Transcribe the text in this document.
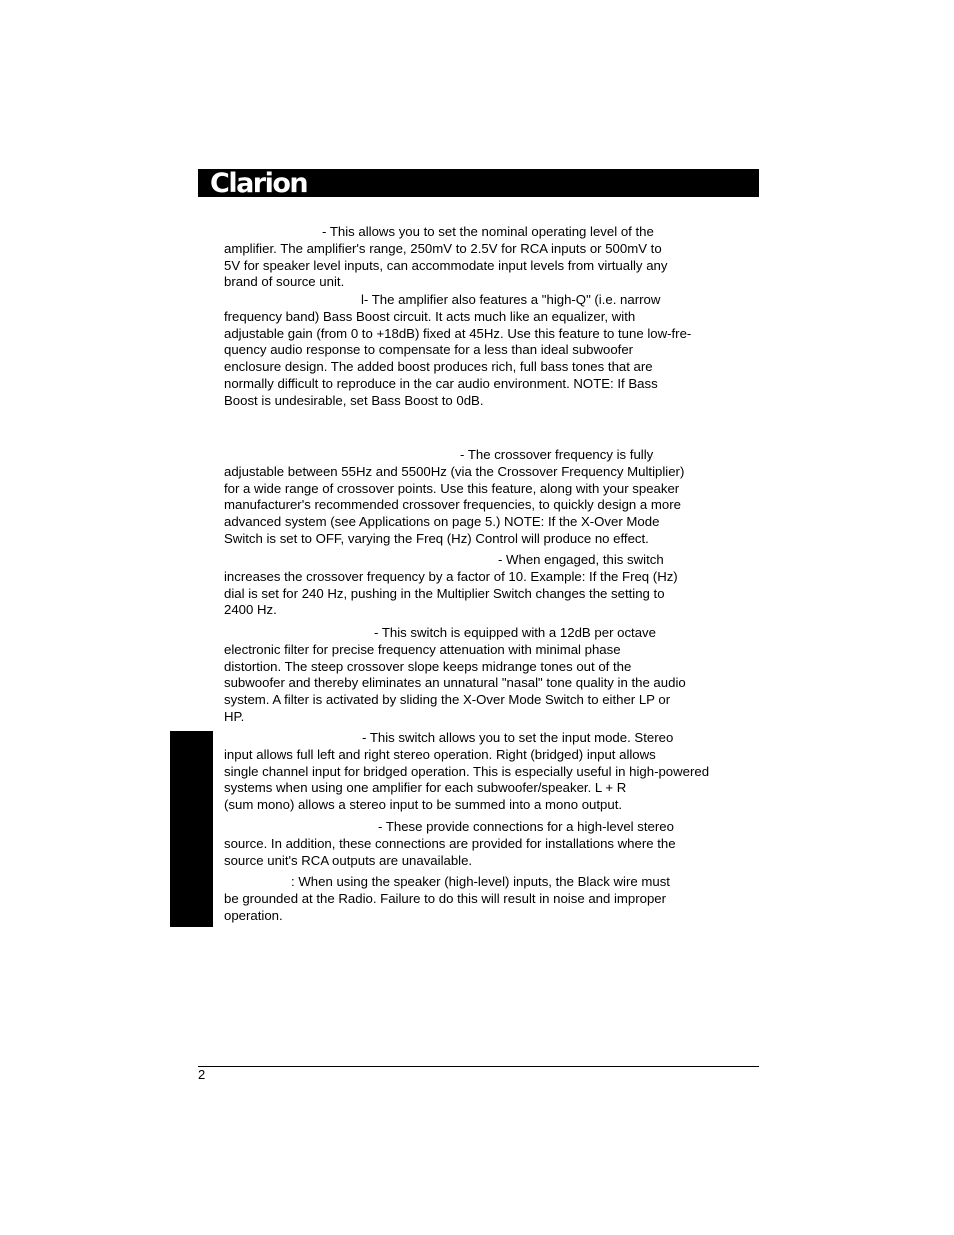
Clarion
- This allows you to set the nominal operating level of the
amplifier. The amplifier's range, 250mV to 2.5V for RCA inputs or 500mV to
5V for speaker level inputs, can accommodate input levels from virtually any
brand of source unit.
l- The amplifier also features a "high-Q" (i.e. narrow
frequency band) Bass Boost circuit. It acts much like an equalizer, with
adjustable gain (from 0 to +18dB) fixed at 45Hz. Use this feature to tune low-fre-
quency audio response to compensate for a less than ideal subwoofer
enclosure design. The added boost produces rich, full bass tones that are
normally difficult to reproduce in the car audio environment. NOTE: If Bass
Boost is undesirable, set Bass Boost to 0dB.
- The crossover frequency is fully
adjustable between 55Hz and 5500Hz (via the Crossover Frequency Multiplier)
for a wide range of crossover points. Use this feature, along with your speaker
manufacturer's recommended crossover frequencies, to quickly design a more
advanced system (see Applications on page 5.) NOTE: If the X-Over Mode
Switch is set to OFF, varying the Freq (Hz) Control will produce no effect.
- When engaged, this switch
increases the crossover frequency by a factor of 10. Example: If the Freq (Hz)
dial is set for 240 Hz, pushing in the Multiplier Switch changes the setting to
2400 Hz.
- This switch is equipped with a 12dB per octave
electronic filter for precise frequency attenuation with minimal phase
distortion. The steep crossover slope keeps midrange tones out of the
subwoofer and thereby eliminates an unnatural "nasal" tone quality in the audio
system. A filter is activated by sliding the X-Over Mode Switch to either LP or
HP.
- This switch allows you to set the input mode. Stereo
input allows full left and right stereo operation. Right (bridged) input allows
single channel input for bridged operation. This is especially useful in high-powered
systems when using one amplifier for each subwoofer/speaker. L + R
(sum mono) allows a stereo input to be summed into a mono output.
- These provide connections for a high-level stereo
source. In addition, these connections are provided for installations where the
source unit's RCA outputs are unavailable.
: When using the speaker (high-level) inputs, the Black wire must
be grounded at the Radio. Failure to do this will result in noise and improper
operation.
2
